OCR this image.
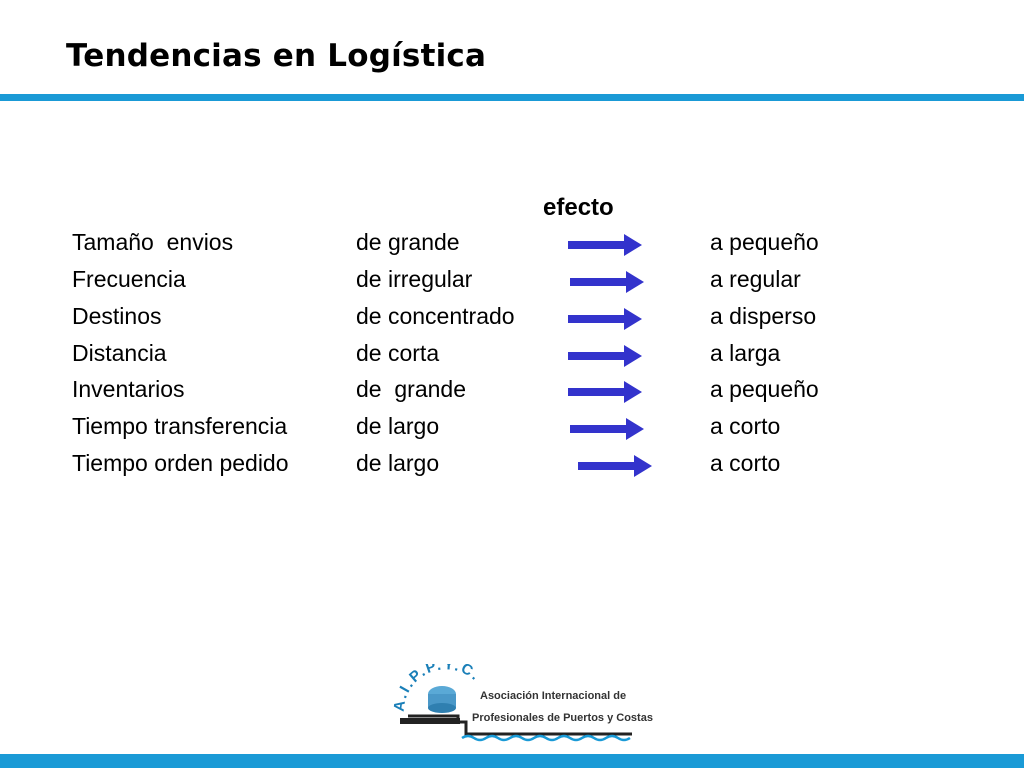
Tendencias en Logística
efecto
Tamaño  envios	de grande	a pequeño
Frecuencia	de irregular	a regular
Destinos	de concentrado	a disperso
Distancia	de corta	a larga
Inventarios	de  grande	a pequeño
Tiempo transferencia	de largo	a corto
Tiempo orden pedido	de largo	a corto
A.I.P.P.Y.C.
Asociación Internacional de
Profesionales de Puertos y Costas
